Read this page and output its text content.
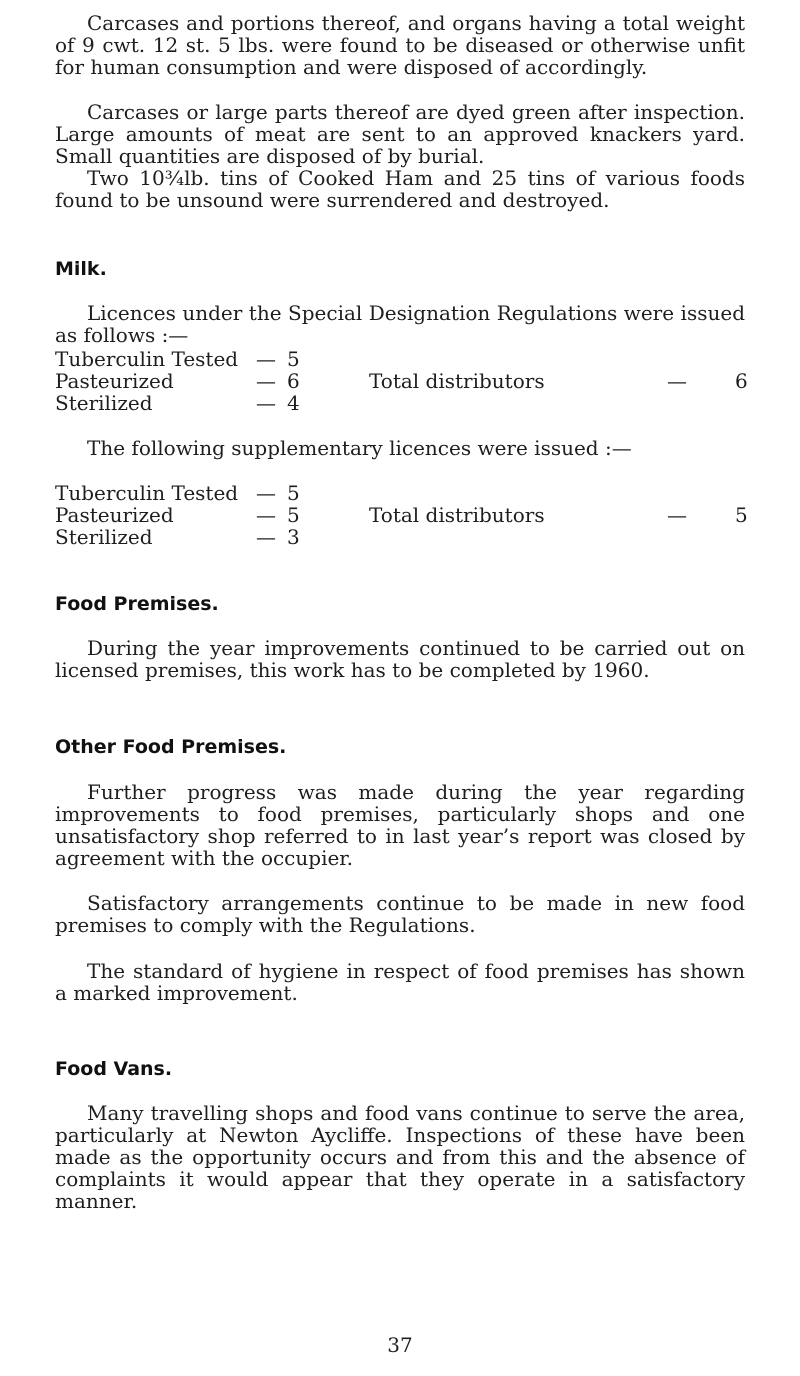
Carcases and portions thereof, and organs having a total weight of 9 cwt. 12 st. 5 lbs. were found to be diseased or otherwise unfit for human consumption and were disposed of accordingly.

Carcases or large parts thereof are dyed green after inspection. Large amounts of meat are sent to an approved knackers yard. Small quantities are disposed of by burial.

Two 10¾lb. tins of Cooked Ham and 25 tins of various foods found to be unsound were surrendered and destroyed.

Milk.

Licences under the Special Designation Regulations were issued as follows :—

Tuberculin Tested — 5
Pasteurized	— 6	Total distributors	— 6
Sterilized	— 4

The following supplementary licences were issued :—

Tuberculin Tested — 5
Pasteurized	— 5	Total distributors	— 5
Sterilized	— 3
Food Premises.

During the year improvements continued to be carried out on licensed premises, this work has to be completed by 1960.

Other Food Premises.

Further progress was made during the year regarding improvements to food premises, particularly shops and one unsatisfactory shop referred to in last year’s report was closed by agreement with the occupier.

Satisfactory arrangements continue to be made in new food premises to comply with the Regulations.

The standard of hygiene in respect of food premises has shown a marked improvement.

Food Vans.

Many travelling shops and food vans continue to serve the area, particularly at Newton Aycliffe. Inspections of these have been made as the opportunity occurs and from this and the absence of complaints it would appear that they operate in a satisfactory manner.

37
